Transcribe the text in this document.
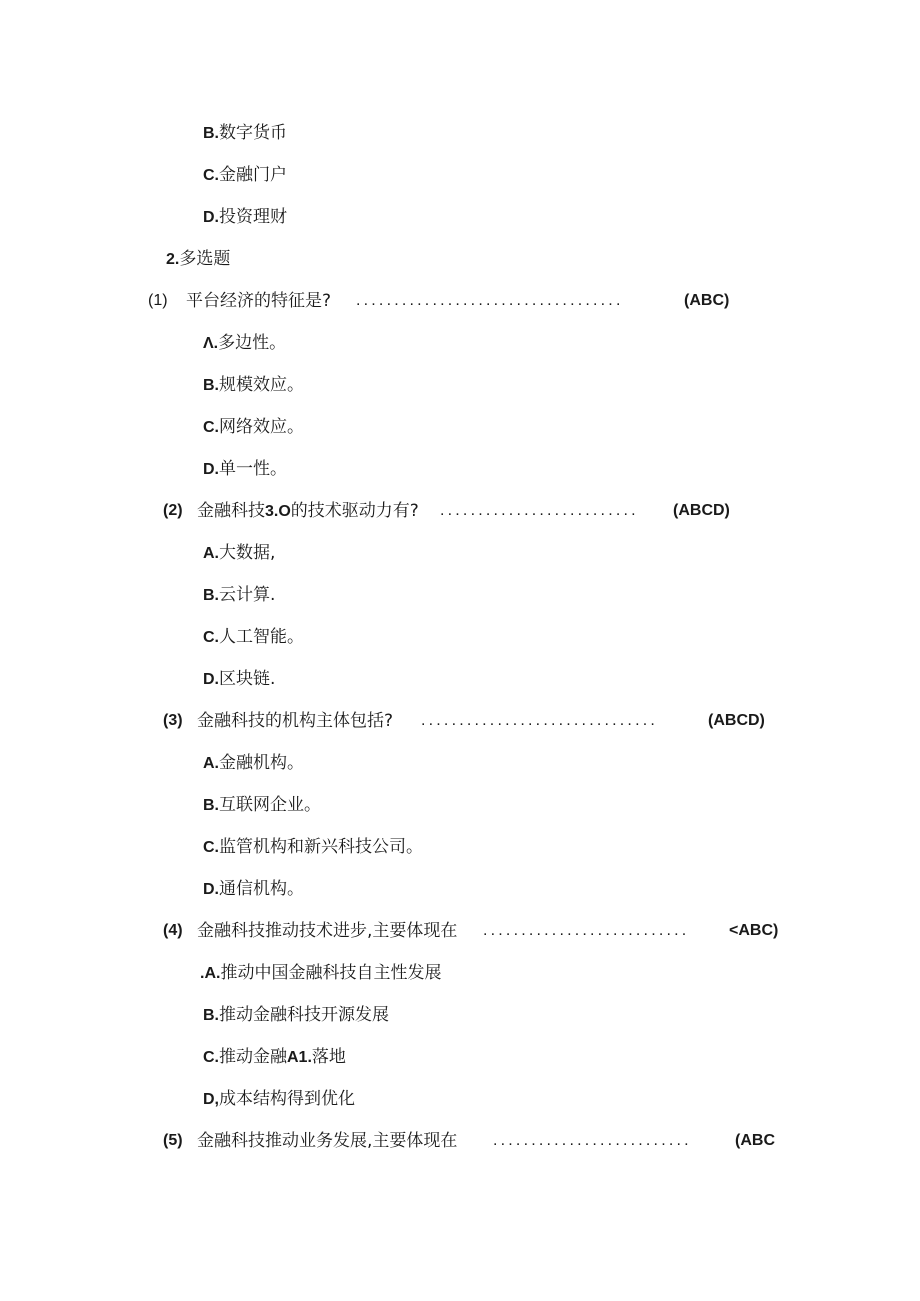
B.数字货币
C.金融门户
D.投资理财
2.多选题
(1) 平台经济的特征是? ...................................	(ABC)
Λ.多边性。
B.规模效应。
C.网络效应。
D.单一性。
(2) 金融科技3.O的技术驱动力有? .......................... (ABCD)
A.大数据,
B.云计算.
C.人工智能。
D.区块链.
(3) 金融科技的机构主体包括? ...............................	(ABCD)
A.金融机构。
B.互联网企业。
C.监管机构和新兴科技公司。
D.通信机构。
(4) 金融科技推动技术进步,主要体现在 ........................... <ABC)
.A.推动中国金融科技自主性发展
B.推动金融科技开源发展
C.推动金融A1.落地
D,成本结构得到优化
(5) 金融科技推动业务发展,主要体现在 ..........................	(ABC
